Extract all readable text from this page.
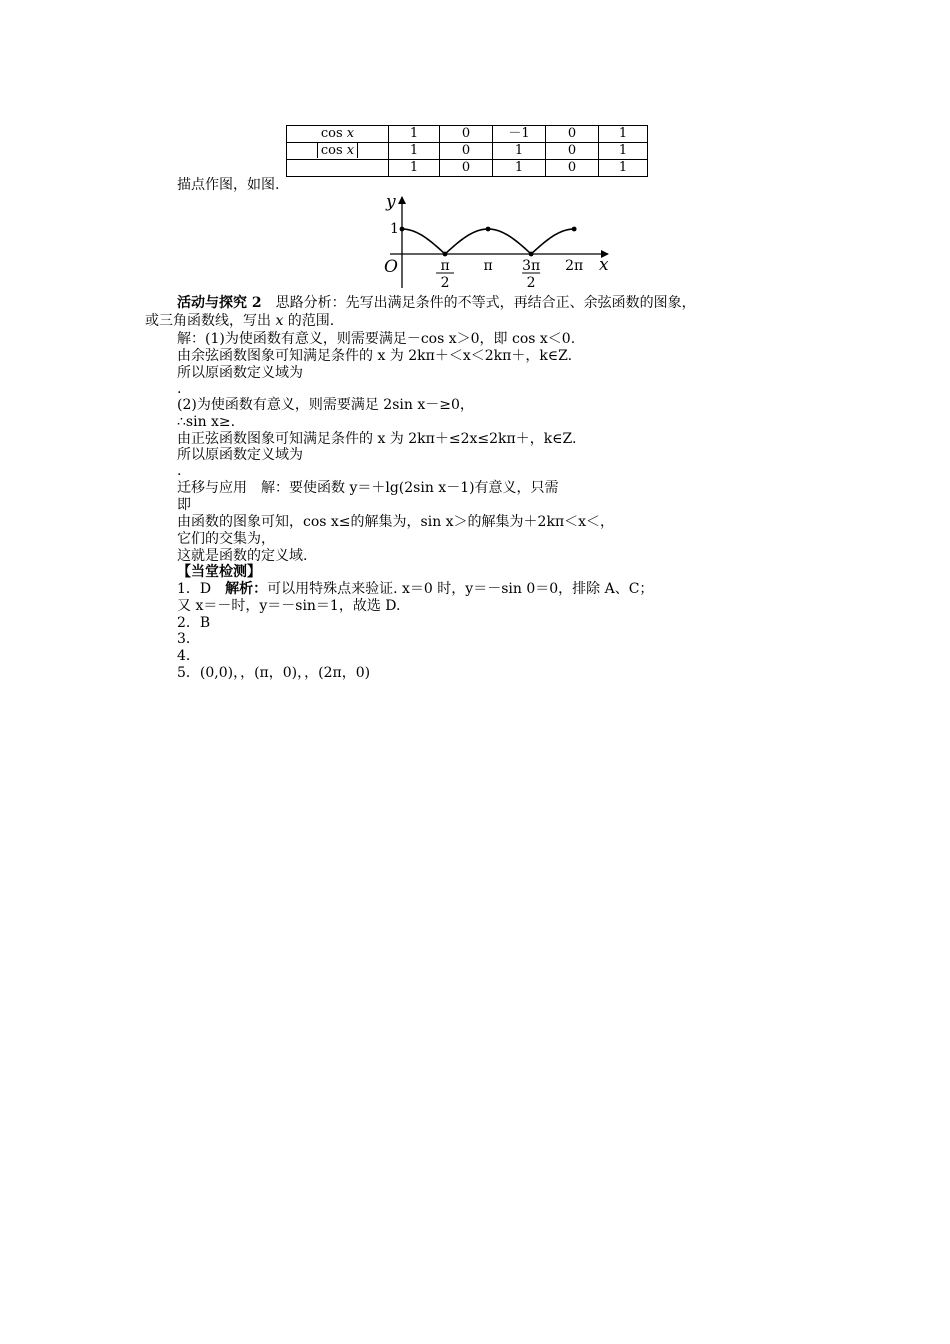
cos x	1	0	－1	0	1
cos x	1	0	1	0	1
	1	0	1	0	1
描点作图，如图.
y
1
O	x
π
2
π 3π
2
2π
活动与探究 2　思路分析：先写出满足条件的不等式，再结合正、余弦函数的图象，
或三角函数线，写出 x 的范围.
解：(1)为使函数有意义，则需要满足－cos x＞0，即 cos x＜0.
由余弦函数图象可知满足条件的 x 为 2kπ＋＜x＜2kπ＋，k∈Z.
所以原函数定义域为
.
(2)为使函数有意义，则需要满足 2sin x－≥0，
∴sin x≥.
由正弦函数图象可知满足条件的 x 为 2kπ＋≤2x≤2kπ＋，k∈Z.
所以原函数定义域为
.
迁移与应用　解：要使函数 y＝＋lg(2sin x－1)有意义，只需
即
由函数的图象可知，cos x≤的解集为，sin x＞的解集为＋2kπ＜x＜，
它们的交集为，
这就是函数的定义域.
【当堂检测】
1．D　解析：可以用特殊点来验证. x＝0 时，y＝－sin 0＝0，排除 A、C；
又 x＝－时，y＝－sin＝1，故选 D.
2．B
3．
4．
5．(0,0)，，(π，0)，，(2π，0)
